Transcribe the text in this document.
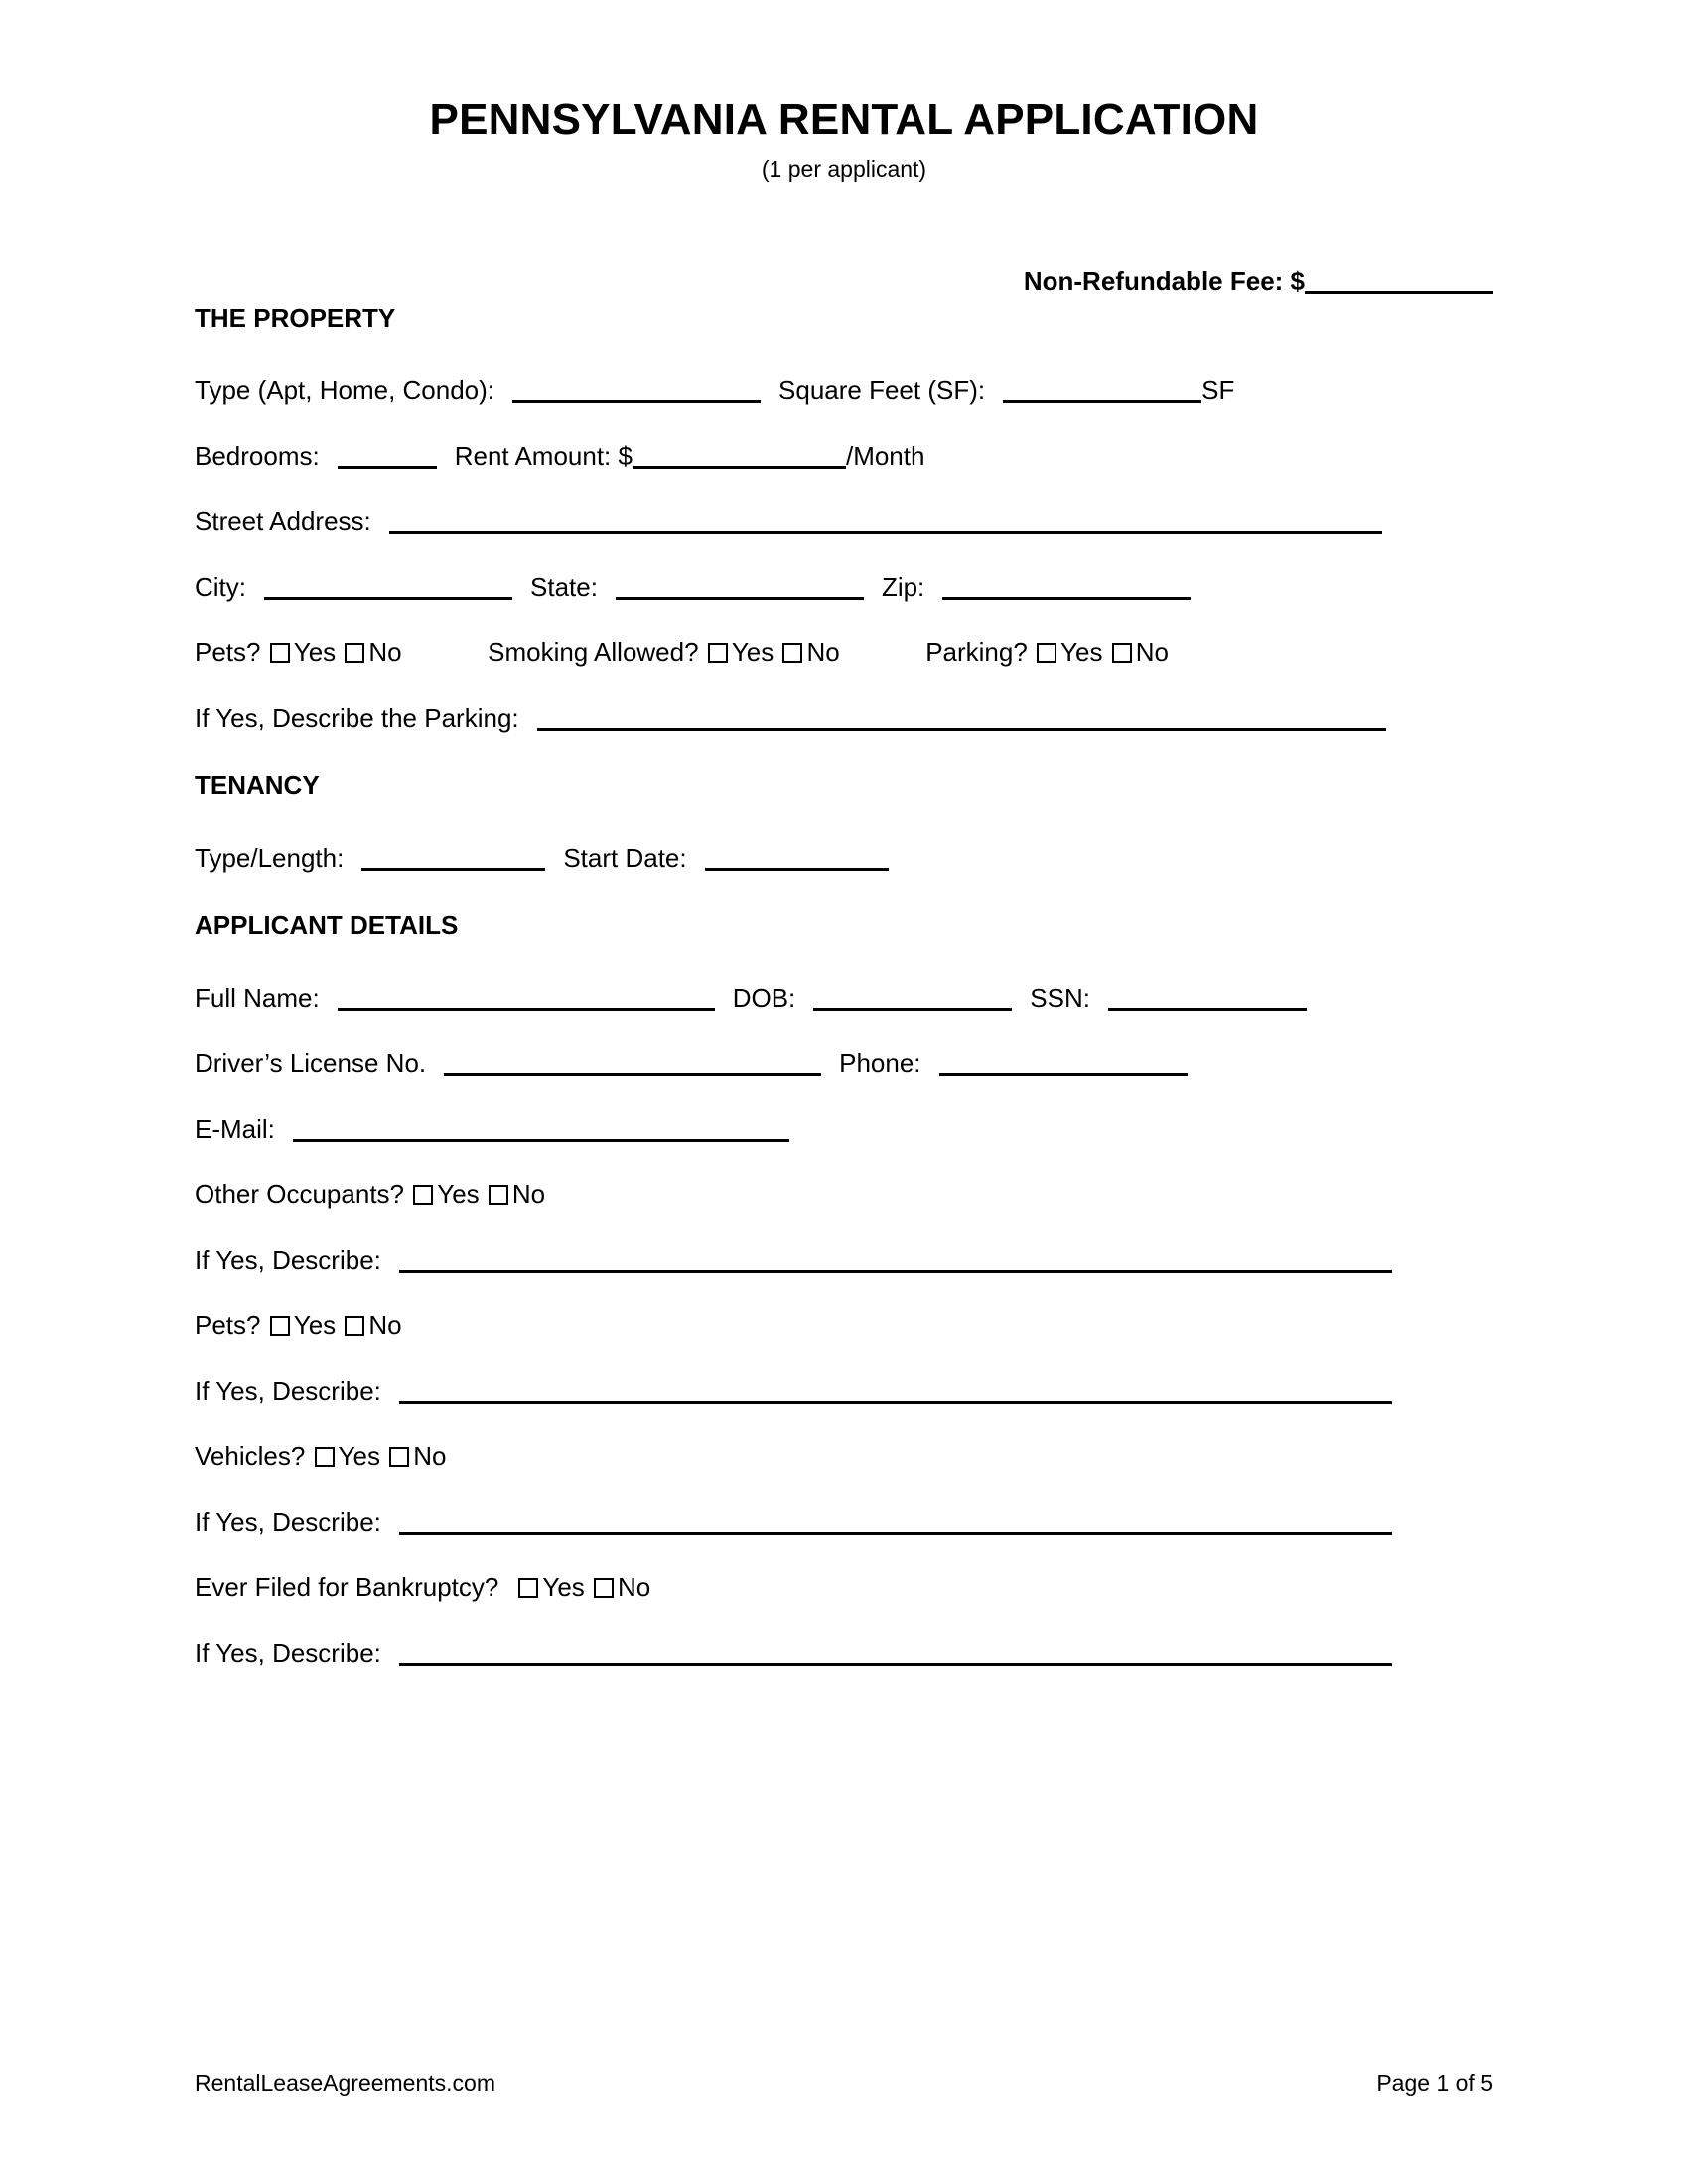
PENNSYLVANIA RENTAL APPLICATION
(1 per applicant)
Non-Refundable Fee: $
THE PROPERTY
Type (Apt, Home, Condo):	Square Feet (SF):	SF
Bedrooms:	Rent Amount: $	/Month
Street Address:
City:	State:	Zip:
Pets? Yes No	Smoking Allowed? Yes No	Parking? Yes No
If Yes, Describe the Parking:
TENANCY
Type/Length:	Start Date:
APPLICANT DETAILS
Full Name:	DOB:	SSN:
Driver’s License No.	Phone:
E-Mail:
Other Occupants? Yes No
If Yes, Describe:
Pets? Yes No
If Yes, Describe:
Vehicles? Yes No
If Yes, Describe:
Ever Filed for Bankruptcy? Yes No
If Yes, Describe:
RentalLeaseAgreements.com	Page 1 of 5
